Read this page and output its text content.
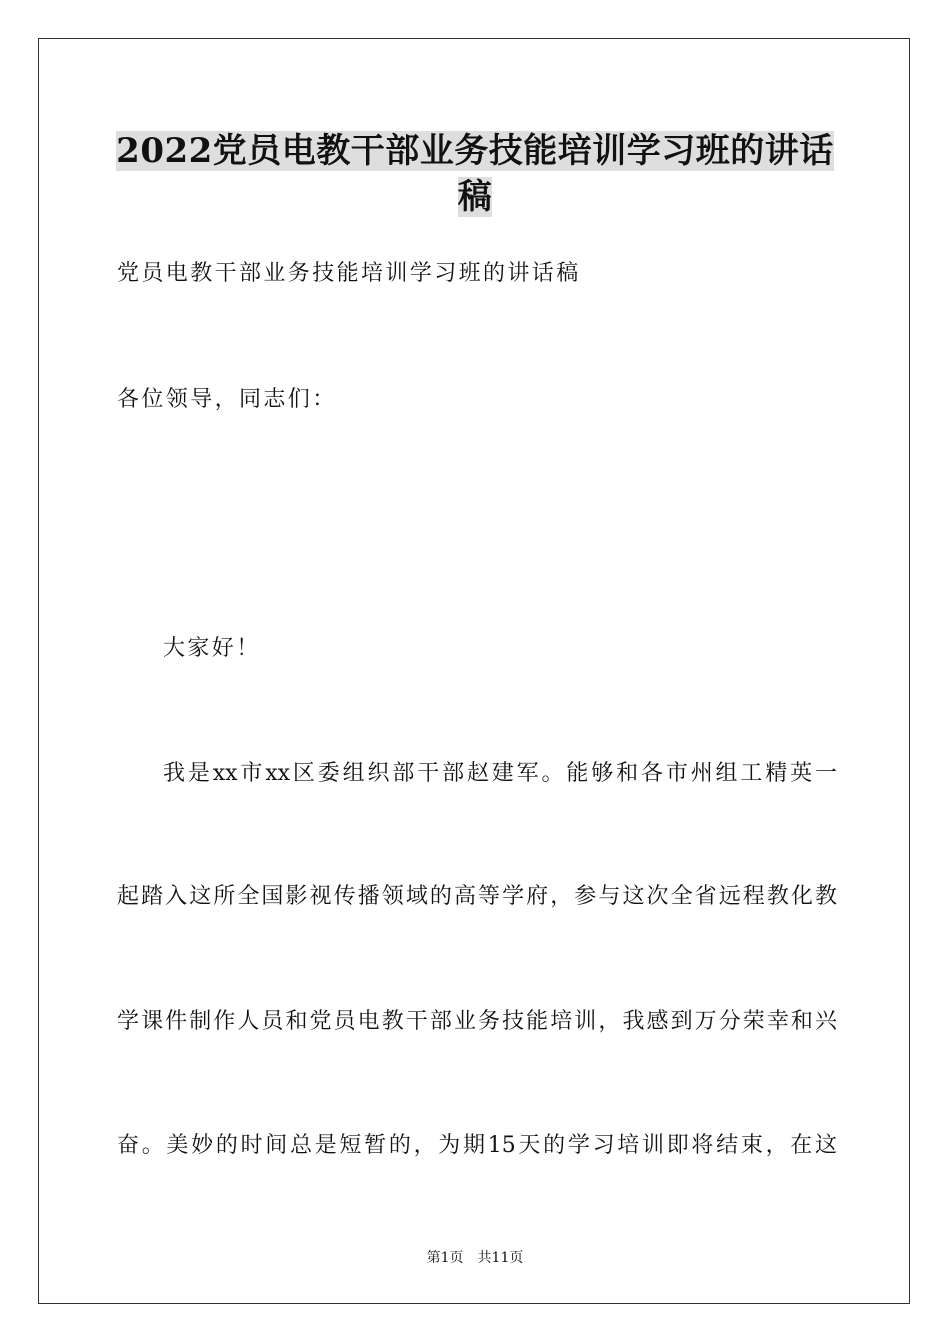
2022党员电教干部业务技能培训学习班的讲话
稿
党员电教干部业务技能培训学习班的讲话稿
各位领导，同志们：
大家好！
我是xx市xx区委组织部干部赵建军。能够和各市州组工精英一
起踏入这所全国影视传播领域的高等学府，参与这次全省远程教化教
学课件制作人员和党员电教干部业务技能培训，我感到万分荣幸和兴
奋。美妙的时间总是短暂的，为期15天的学习培训即将结束，在这
第1页 共11页
